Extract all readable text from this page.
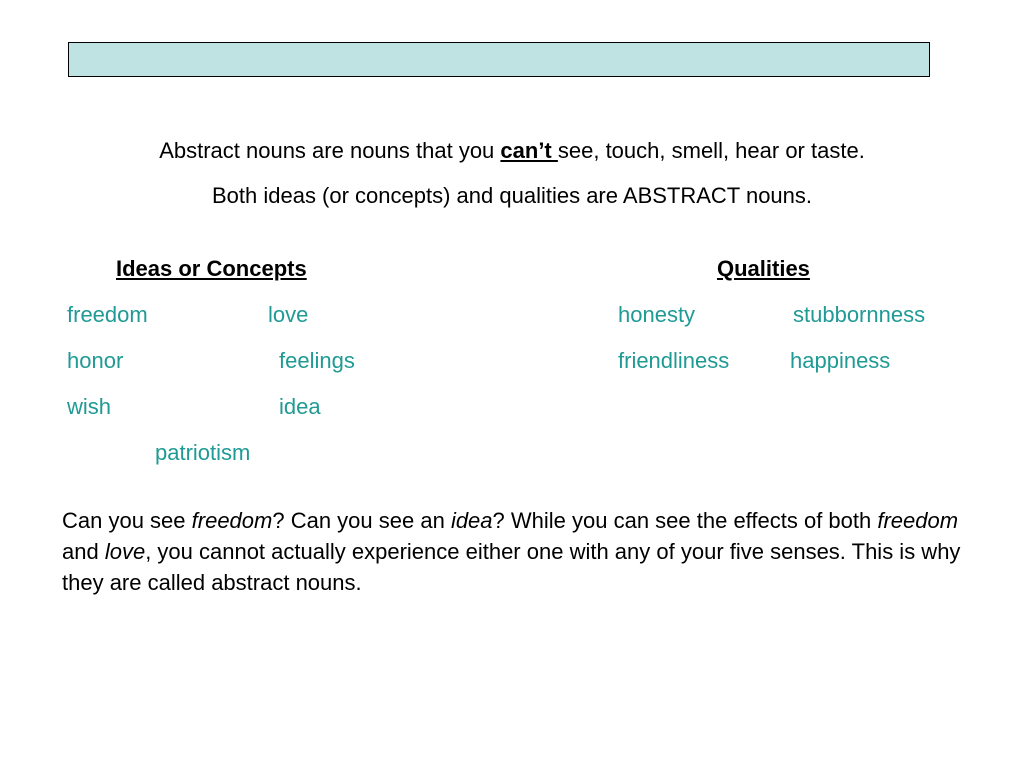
Abstract nouns are nouns that you can’t see, touch, smell, hear or taste.
Both ideas (or concepts) and qualities are ABSTRACT nouns.
Ideas or Concepts	Qualities
freedom	love
honor	feelings
wish	idea
patriotism
honesty	stubbornness
friendliness	happiness
Can you see freedom? Can you see an idea? While you can see the effects of both freedom and love, you cannot actually experience either one with any of your five senses. This is why they are called abstract nouns.
